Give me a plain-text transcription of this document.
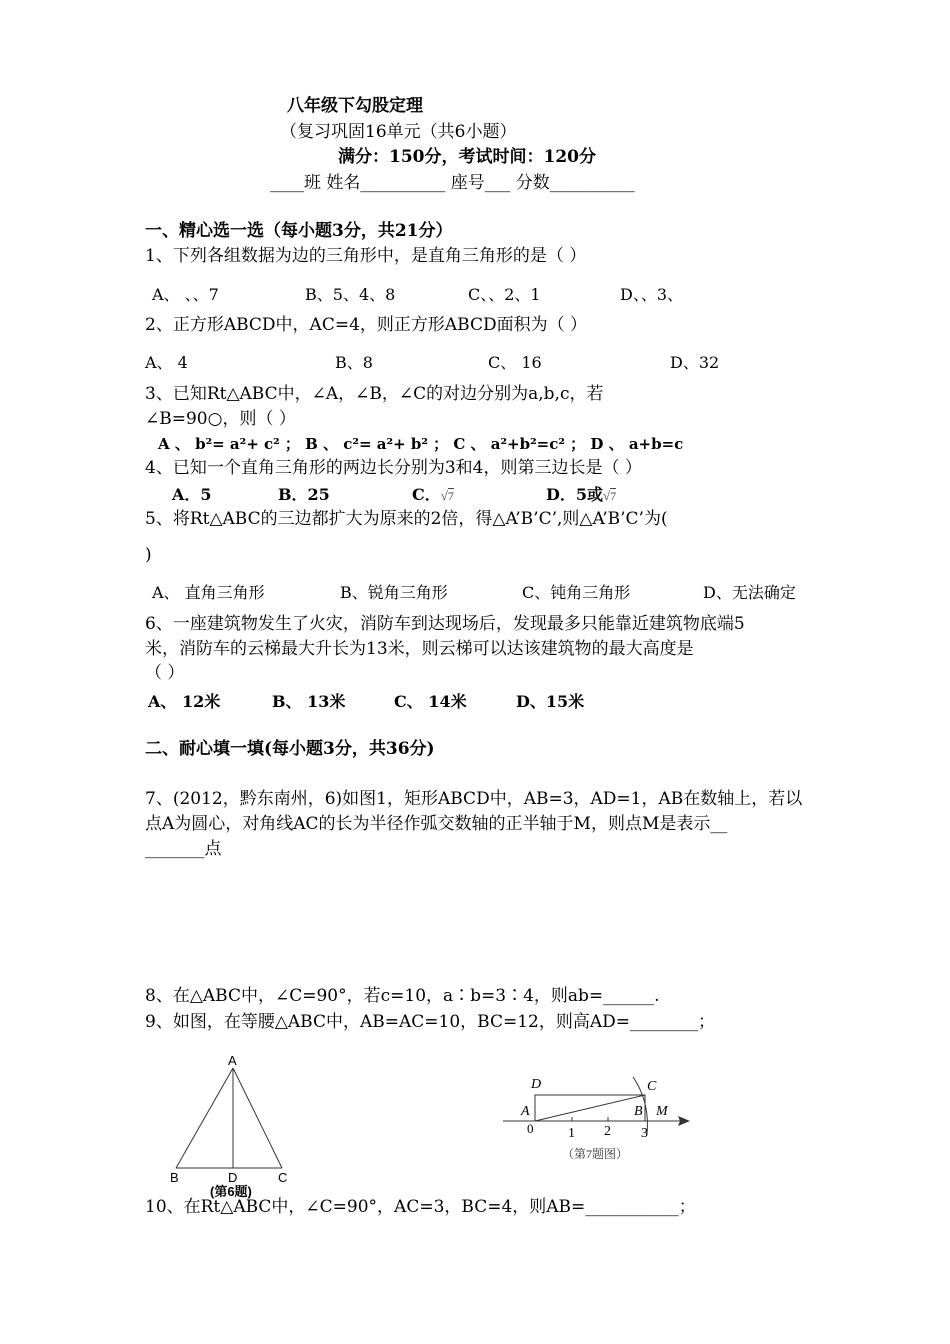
八年级下勾股定理
（复习巩固16单元（共6小题）
满分：150分，考试时间：120分
____班 姓名__________ 座号___ 分数__________
一、精心选一选（每小题3分，共21分）
1、下列各组数据为边的三角形中，是直角三角形的是（ ）
A、 、、7	B、5、4、8	C、、2、1	D、、3、
2、正方形ABCD中，AC=4，则正方形ABCD面积为（ ）
A、 4	B、8	C、 16	D、32
3、已知Rt△ABC中，∠A，∠B，∠C的对边分别为a,b,c，若
∠B=90○，则（ ）
A 、 b²= a²+ c² ； B 、 c²= a²+ b² ； C 、 a²+b²=c² ； D 、 a+b=c
4、已知一个直角三角形的两边长分别为3和4，则第三边长是（ ）
A．5	B．25	C．√7	D．5或√7
5、将Rt△ABC的三边都扩大为原来的2倍，得△A’B’C’,则△A’B’C’为(
)
A、 直角三角形	B、锐角三角形	C、钝角三角形	D、无法确定
6、一座建筑物发生了火灾，消防车到达现场后，发现最多只能靠近建筑物底端5
米，消防车的云梯最大升长为13米，则云梯可以达该建筑物的最大高度是
（ ）
A、 12米	B、 13米	C、 14米	D、15米
二、耐心填一填(每小题3分，共36分)
7、(2012，黔东南州，6)如图1，矩形ABCD中，AB=3，AD=1，AB在数轴上，若以
点A为圆心，对角线AC的长为半径作弧交数轴的正半轴于M，则点M是表示__
_______点
8、在△ABC中，∠C=90°，若c=10，a∶b=3∶4，则ab=______.
9、如图，在等腰△ABC中，AB=AC=10，BC=12，则高AD=________；
A
B	D	C
(第6题)
D	C
A	B M
0 1 2 3
（第7题图）
10、在Rt△ABC中，∠C=90°，AC=3，BC=4，则AB=___________；
